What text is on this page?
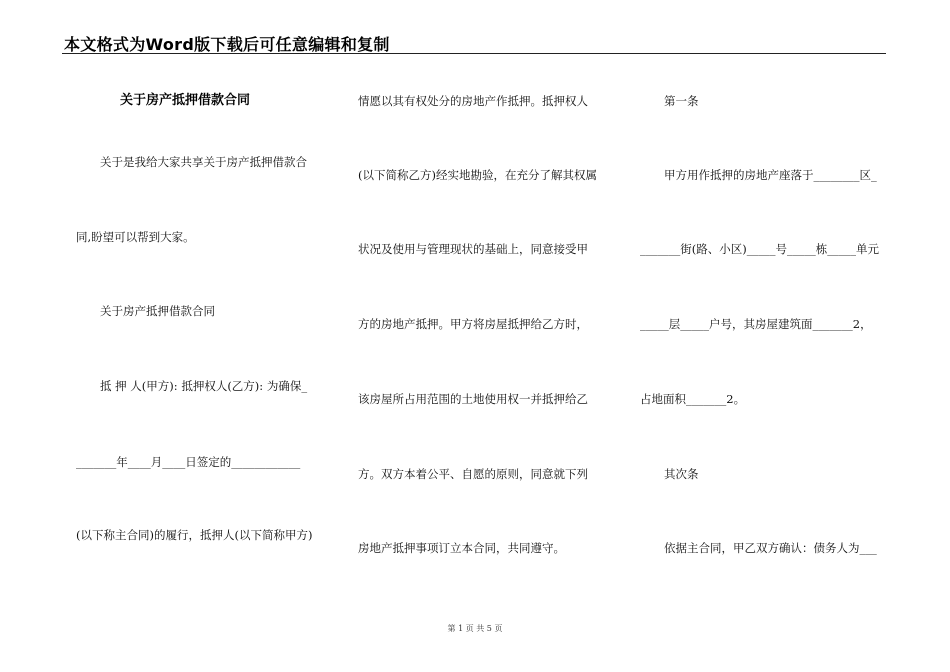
本文格式为Word版下载后可任意编辑和复制
关于房产抵押借款合同
关于是我给大家共享关于房产抵押借款合
同,盼望可以帮到大家。
关于房产抵押借款合同
抵 押 人(甲方): 抵押权人(乙方): 为确保_
_______年____月____日签定的____________
(以下称主合同)的履行，抵押人(以下简称甲方)
情愿以其有权处分的房地产作抵押。抵押权人
(以下简称乙方)经实地勘验，在充分了解其权属
状况及使用与管理现状的基础上，同意接受甲
方的房地产抵押。甲方将房屋抵押给乙方时，
该房屋所占用范围的土地使用权一并抵押给乙
方。双方本着公平、自愿的原则，同意就下列
房地产抵押事项订立本合同，共同遵守。
第一条
甲方用作抵押的房地产座落于________区_
_______街(路、小区)_____号_____栋_____单元
_____层_____户号，其房屋建筑面_______2，
占地面积_______2。
其次条
依据主合同，甲乙双方确认：债务人为___
第 1 页 共 5 页
